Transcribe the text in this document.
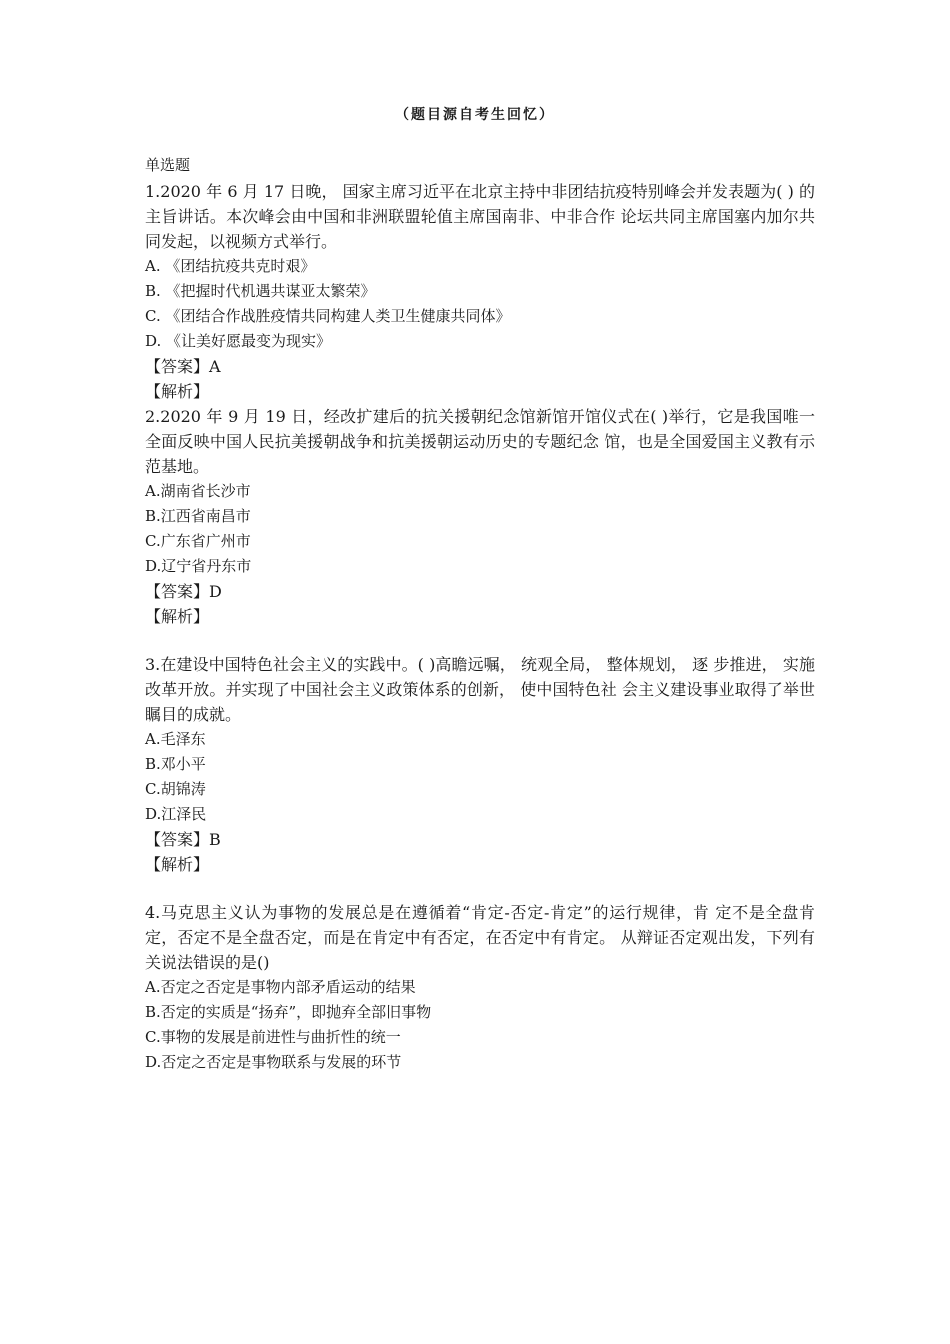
（题目源自考生回忆）
单选题

1.2020 年 6 月 17 日晚， 国家主席习近平在北京主持中非团结抗疫特别峰会并发表题为( ) 的主旨讲话。本次峰会由中国和非洲联盟轮值主席国南非、中非合作 论坛共同主席国塞内加尔共同发起，以视频方式举行。

A. 《团结抗疫共克时艰》
B. 《把握时代机遇共谋亚太繁荣》
C. 《团结合作战胜疫情共同构建人类卫生健康共同体》
D. 《让美好愿最变为现实》
【答案】A
【解析】

2.2020 年 9 月 19 日，经改扩建后的抗关援朝纪念馆新馆开馆仪式在( )举行，它是我国唯一全面反映中国人民抗美援朝战争和抗美援朝运动历史的专题纪念 馆，也是全国爱国主义教有示范基地。

A.湖南省长沙市
B.江西省南昌市
C.广东省广州市
D.辽宁省丹东市
【答案】D
【解析】

3.在建设中国特色社会主义的实践中。( )高瞻远嘱， 统观全局， 整体规划， 逐 步推进， 实施改革开放。并实现了中国社会主义政策体系的创新， 使中国特色社 会主义建设事业取得了举世瞩目的成就。

A.毛泽东
B.邓小平
C.胡锦涛
D.江泽民
【答案】B
【解析】

4.马克思主义认为事物的发展总是在遵循着“肯定-否定-肯定”的运行规律，肯 定不是全盘肯定，否定不是全盘否定，而是在肯定中有否定，在否定中有肯定。 从辩证否定观出发，下列有关说法错误的是()

A.否定之否定是事物内部矛盾运动的结果
B.否定的实质是“扬弃”，即抛弃全部旧事物
C.事物的发展是前进性与曲折性的统一
D.否定之否定是事物联系与发展的环节
